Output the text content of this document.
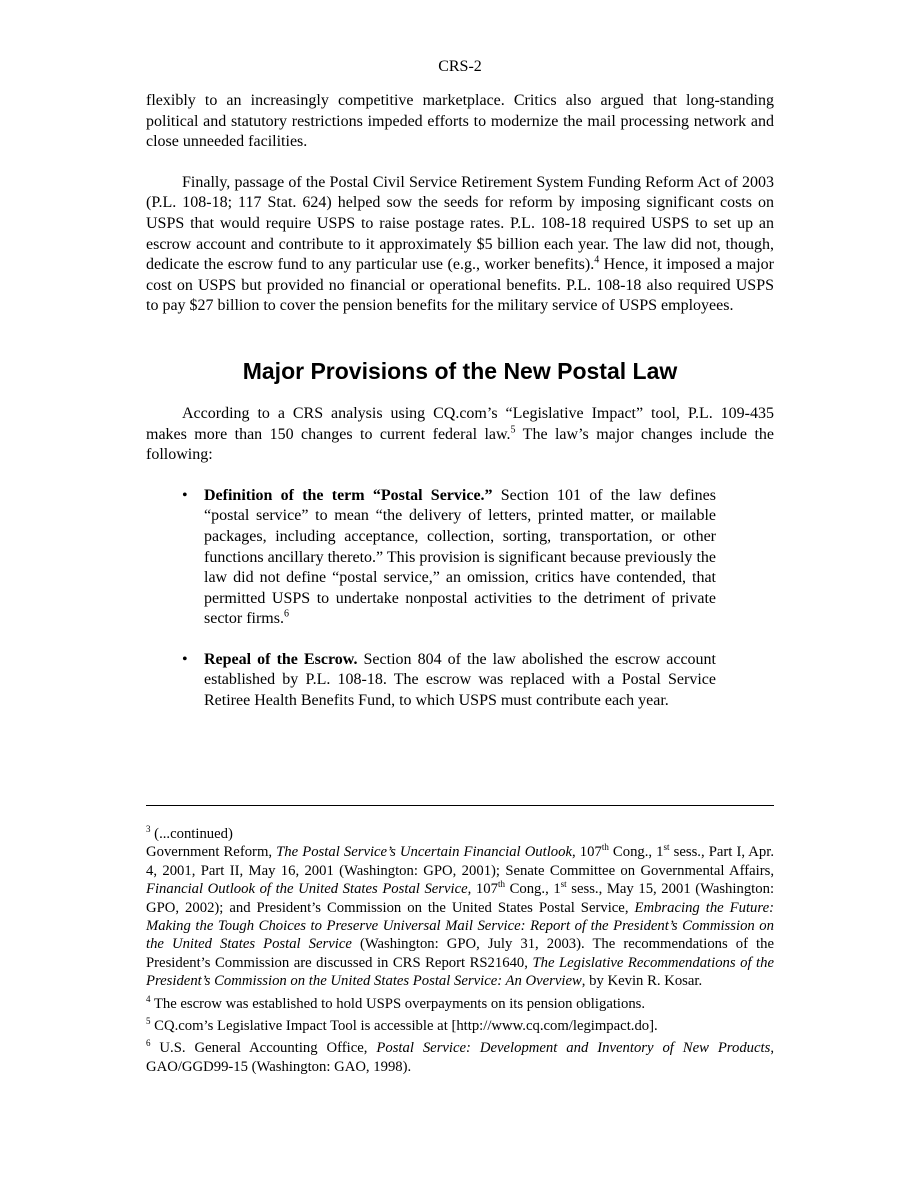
CRS-2

flexibly to an increasingly competitive marketplace. Critics also argued that long-standing political and statutory restrictions impeded efforts to modernize the mail processing network and close unneeded facilities.

Finally, passage of the Postal Civil Service Retirement System Funding Reform Act of 2003 (P.L. 108-18; 117 Stat. 624) helped sow the seeds for reform by imposing significant costs on USPS that would require USPS to raise postage rates. P.L. 108-18 required USPS to set up an escrow account and contribute to it approximately $5 billion each year. The law did not, though, dedicate the escrow fund to any particular use (e.g., worker benefits).$^4$ Hence, it imposed a major cost on USPS but provided no financial or operational benefits. P.L. 108-18 also required USPS to pay $27 billion to cover the pension benefits for the military service of USPS employees.

Major Provisions of the New Postal Law

According to a CRS analysis using CQ.com’s “Legislative Impact” tool, P.L. 109-435 makes more than 150 changes to current federal law.$^5$ The law’s major changes include the following:

• Definition of the term “Postal Service.” Section 101 of the law defines “postal service” to mean “the delivery of letters, printed matter, or mailable packages, including acceptance, collection, sorting, transportation, or other functions ancillary thereto.” This provision is significant because previously the law did not define “postal service,” an omission, critics have contended, that permitted USPS to undertake nonpostal activities to the detriment of private sector firms.$^6$

• Repeal of the Escrow. Section 804 of the law abolished the escrow account established by P.L. 108-18. The escrow was replaced with a Postal Service Retiree Health Benefits Fund, to which USPS must contribute each year.

$^3$ (...continued)
Government Reform, The Postal Service’s Uncertain Financial Outlook, 107th Cong., 1st sess., Part I, Apr. 4, 2001, Part II, May 16, 2001 (Washington: GPO, 2001); Senate Committee on Governmental Affairs, Financial Outlook of the United States Postal Service, 107th Cong., 1st sess., May 15, 2001 (Washington: GPO, 2002); and President’s Commission on the United States Postal Service, Embracing the Future: Making the Tough Choices to Preserve Universal Mail Service: Report of the President’s Commission on the United States Postal Service (Washington: GPO, July 31, 2003). The recommendations of the President’s Commission are discussed in CRS Report RS21640, The Legislative Recommendations of the President’s Commission on the United States Postal Service: An Overview, by Kevin R. Kosar.

$^4$ The escrow was established to hold USPS overpayments on its pension obligations.

$^5$ CQ.com’s Legislative Impact Tool is accessible at [http://www.cq.com/legimpact.do].

$^6$ U.S. General Accounting Office, Postal Service: Development and Inventory of New Products, GAO/GGD99-15 (Washington: GAO, 1998).
